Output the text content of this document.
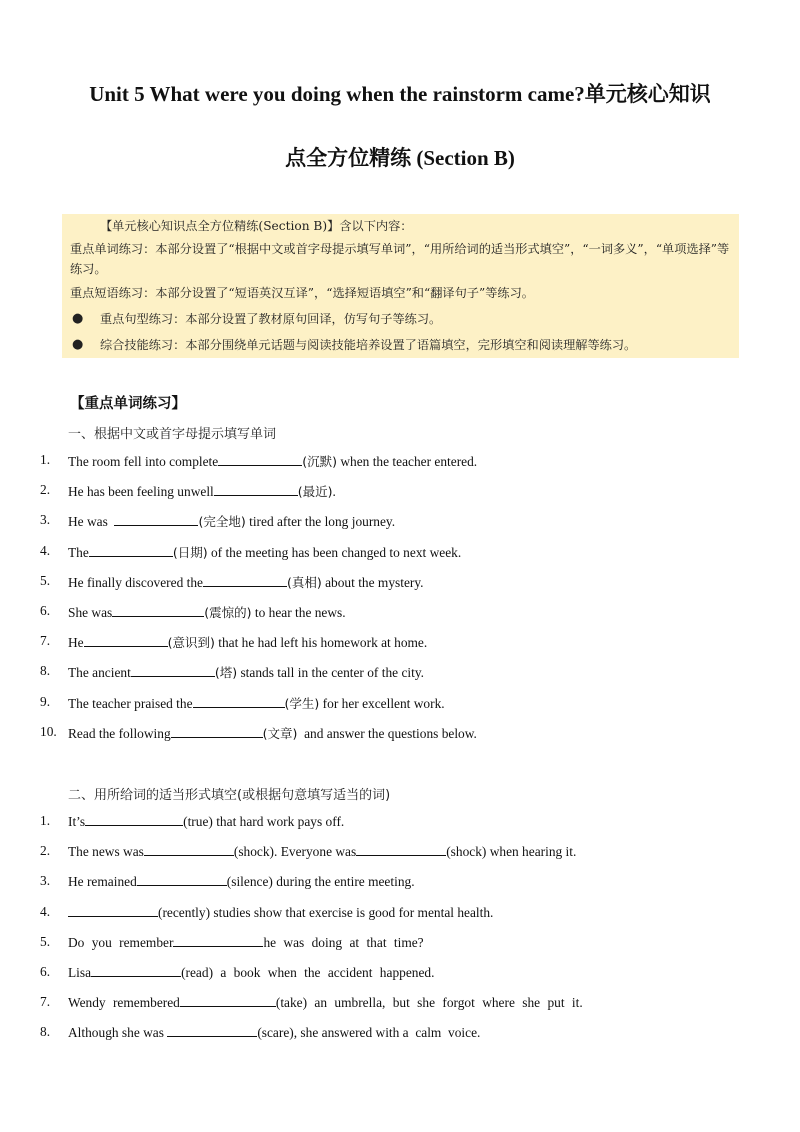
Unit 5 What were you doing when the rainstorm came?单元核心知识
点全方位精练 (Section B)

【单元核心知识点全方位精练(Section B)】含以下内容：

重点单词练习：本部分设置了“根据中文或首字母提示填写单词”，“用所给词的适当形式填空”，“一词多义”，“单项选择”等练习。

重点短语练习：本部分设置了“短语英汉互译”，“选择短语填空”和“翻译句子”等练习。

●	重点句型练习：本部分设置了教材原句回译，仿写句子等练习。
●	综合技能练习：本部分围绕单元话题与阅读技能培养设置了语篇填空，完形填空和阅读理解等练习。
【重点单词练习】
一、根据中文或首字母提示填写单词
1.	The room fell into complete	(沉默) when the teacher entered.
2.	He has been feeling unwell	(最近).
3.	He was	(完全地) tired after the long journey.
4.	The	(日期) of the meeting has been changed to next week.
5.	He finally discovered the	(真相) about the mystery.
6.	She was	(震惊的) to hear the news.
7.	He	(意识到) that he had left his homework at home.
8.	The ancient	(塔) stands tall in the center of the city.
9.	The teacher praised the	(学生) for her excellent work.
10. Read the following	(文章)  and answer the questions below.
二、用所给词的适当形式填空(或根据句意填写适当的词)
1.	It’s	(true) that hard work pays off.
2.	The news was	(shock). Everyone was	(shock) when hearing it.
3.	He remained	(silence) during the entire meeting.
4.	(recently) studies show that exercise is good for mental health.
5.	Do you remember	he was doing at that time?
6.	Lisa	(read) a book when the accident happened.
7.	Wendy remembered	(take) an umbrella, but she forgot where she put it.
8.	Although she was	(scare), she answered with a  calm  voice.
